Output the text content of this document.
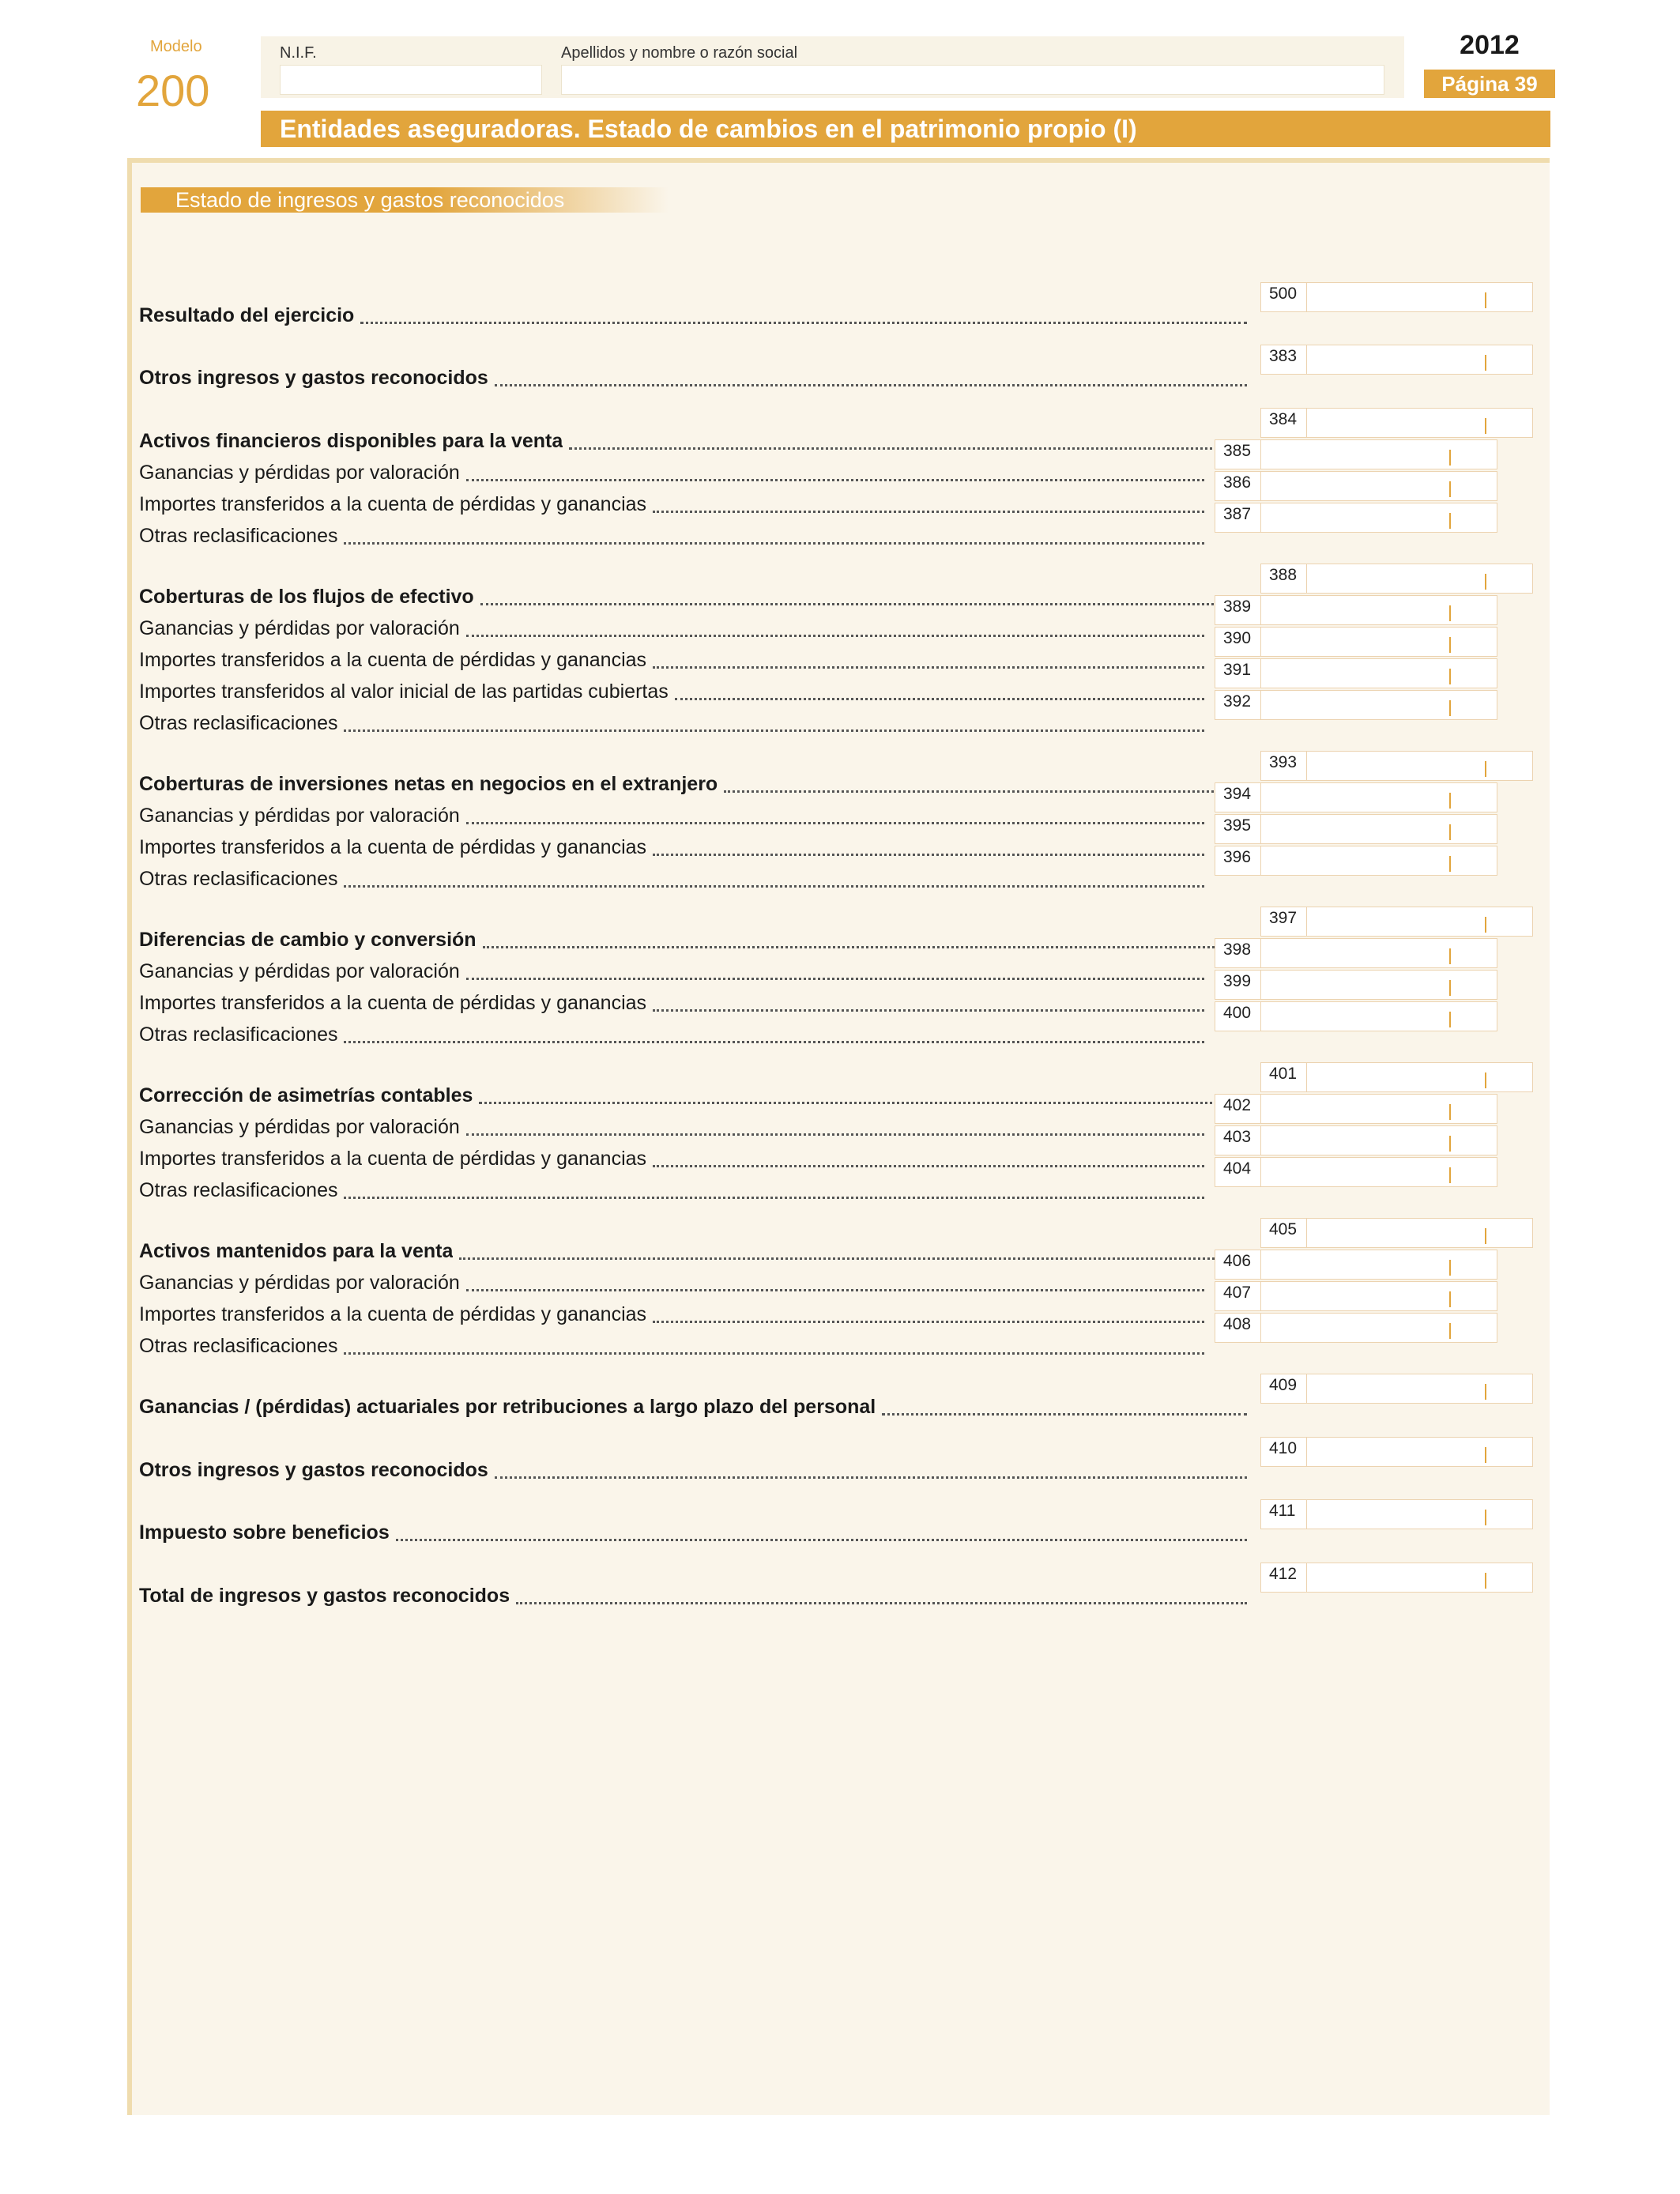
Modelo
200
N.I.F.	Apellidos y nombre o razón social	2012
Página 39
Entidades aseguradoras. Estado de cambios en el patrimonio propio (I)
Estado de ingresos y gastos reconocidos
Resultado del ejercicio
500
Otros ingresos y gastos reconocidos
383
Activos financieros disponibles para la venta
384
Ganancias y pérdidas por valoración
385
Importes transferidos a la cuenta de pérdidas y ganancias
386
Otras reclasificaciones
387
Coberturas de los flujos de efectivo
388
Ganancias y pérdidas por valoración
389
Importes transferidos a la cuenta de pérdidas y ganancias
390
Importes transferidos al valor inicial de las partidas cubiertas
391
Otras reclasificaciones
392
Coberturas de inversiones netas en negocios en el extranjero
393
Ganancias y pérdidas por valoración
394
Importes transferidos a la cuenta de pérdidas y ganancias
395
Otras reclasificaciones
396
Diferencias de cambio y conversión
397
Ganancias y pérdidas por valoración
398
Importes transferidos a la cuenta de pérdidas y ganancias
399
Otras reclasificaciones
400
Corrección de asimetrías contables
401
Ganancias y pérdidas por valoración
402
Importes transferidos a la cuenta de pérdidas y ganancias
403
Otras reclasificaciones
404
Activos mantenidos para la venta
405
Ganancias y pérdidas por valoración
406
Importes transferidos a la cuenta de pérdidas y ganancias
407
Otras reclasificaciones
408
Ganancias / (pérdidas) actuariales por retribuciones a largo plazo del personal
409
Otros ingresos y gastos reconocidos
410
Impuesto sobre beneficios
411
Total de ingresos y gastos reconocidos
412
